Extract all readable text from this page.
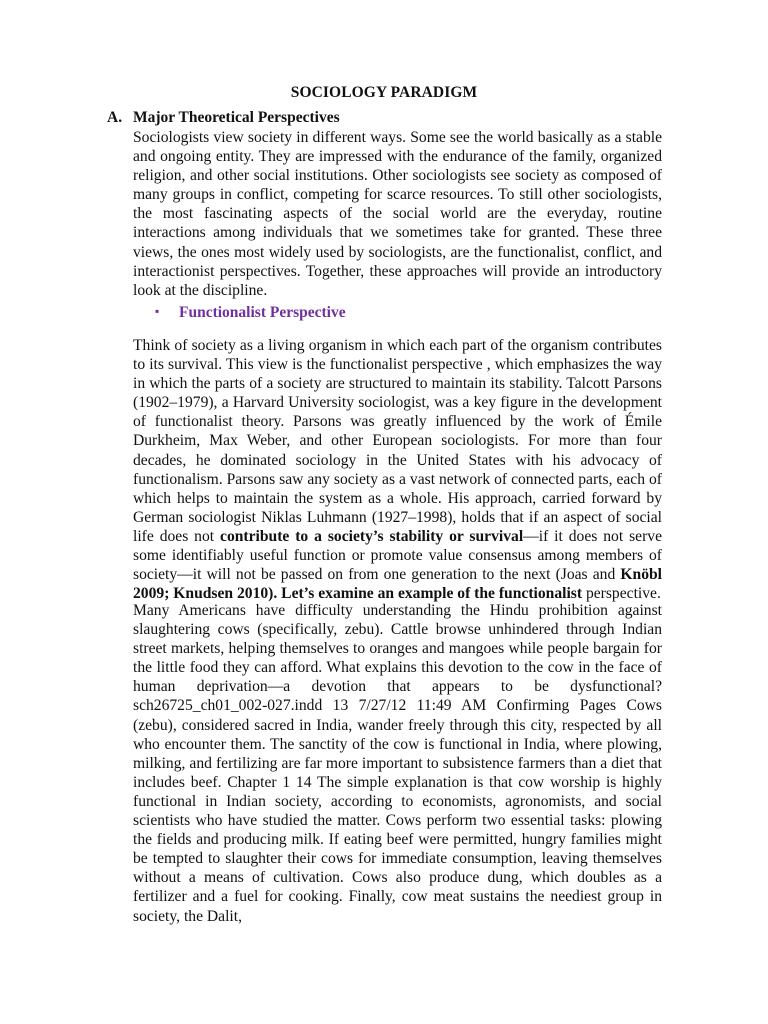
SOCIOLOGY PARADIGM
A. Major Theoretical Perspectives

Sociologists view society in different ways. Some see the world basically as a stable and ongoing entity. They are impressed with the endurance of the family, organized religion, and other social institutions. Other sociologists see society as composed of many groups in conflict, competing for scarce resources. To still other sociologists, the most fascinating aspects of the social world are the everyday, routine interactions among individuals that we sometimes take for granted. These three views, the ones most widely used by sociologists, are the functionalist, conflict, and interactionist perspectives. Together, these approaches will provide an introductory look at the discipline.

▪ Functionalist Perspective

Think of society as a living organism in which each part of the organism contributes to its survival. This view is the functionalist perspective , which emphasizes the way in which the parts of a society are structured to maintain its stability. Talcott Parsons (1902–1979), a Harvard University sociologist, was a key figure in the development of functionalist theory. Parsons was greatly influenced by the work of Émile Durkheim, Max Weber, and other European sociologists. For more than four decades, he dominated sociology in the United States with his advocacy of functionalism. Parsons saw any society as a vast network of connected parts, each of which helps to maintain the system as a whole. His approach, carried forward by German sociologist Niklas Luhmann (1927–1998), holds that if an aspect of social life does not contribute to a society’s stability or survival—if it does not serve some identifiably useful function or promote value consensus among members of society—it will not be passed on from one generation to the next (Joas and Knöbl 2009; Knudsen 2010). Let’s examine an example of the functionalist perspective.

Many Americans have difficulty understanding the Hindu prohibition against slaughtering cows (specifically, zebu). Cattle browse unhindered through Indian street markets, helping themselves to oranges and mangoes while people bargain for the little food they can afford. What explains this devotion to the cow in the face of human deprivation—a devotion that appears to be dysfunctional? sch26725_ch01_002-027.indd 13 7/27/12 11:49 AM Confirming Pages Cows (zebu), considered sacred in India, wander freely through this city, respected by all who encounter them. The sanctity of the cow is functional in India, where plowing, milking, and fertilizing are far more important to subsistence farmers than a diet that includes beef. Chapter 1 14 The simple explanation is that cow worship is highly functional in Indian society, according to economists, agronomists, and social scientists who have studied the matter. Cows perform two essential tasks: plowing the fields and producing milk. If eating beef were permitted, hungry families might be tempted to slaughter their cows for immediate consumption, leaving themselves without a means of cultivation. Cows also produce dung, which doubles as a fertilizer and a fuel for cooking. Finally, cow meat sustains the neediest group in society, the Dalit,
